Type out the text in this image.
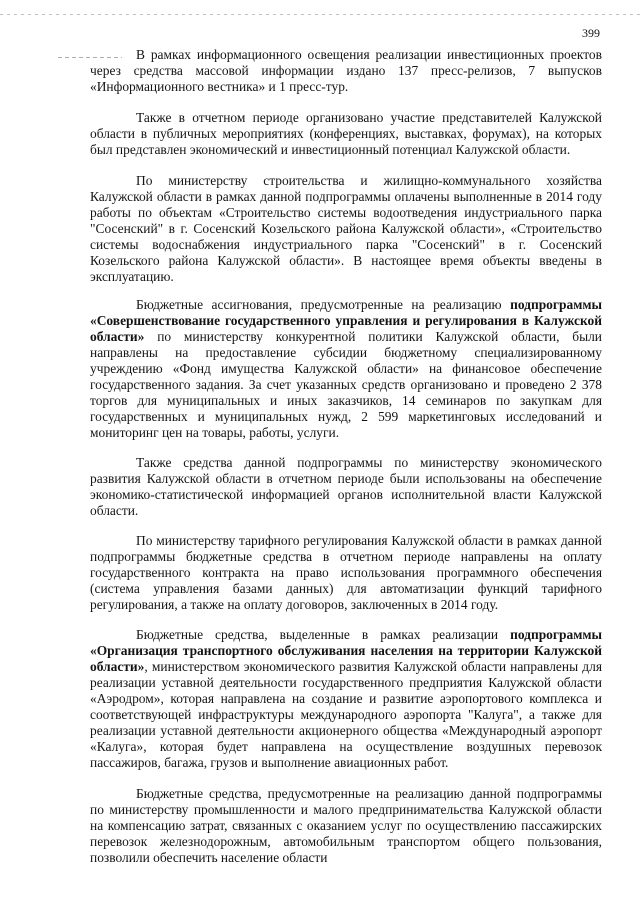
399

В рамках информационного освещения реализации инвестиционных проектов через средства массовой информации издано 137 пресс-релизов, 7 выпусков «Информационного вестника» и 1 пресс-тур.

Также в отчетном периоде организовано участие представителей Калужской области в публичных мероприятиях (конференциях, выставках, форумах), на которых был представлен экономический и инвестиционный потенциал Калужской области.

По министерству строительства и жилищно-коммунального хозяйства Калужской области в рамках данной подпрограммы оплачены выполненные в 2014 году работы по объектам «Строительство системы водоотведения индустриального парка "Сосенский" в г. Сосенский Козельского района Калужской области», «Строительство системы водоснабжения индустриального парка "Сосенский" в г. Сосенский Козельского района Калужской области». В настоящее время объекты введены в эксплуатацию.

Бюджетные ассигнования, предусмотренные на реализацию подпрограммы «Совершенствование государственного управления и регулирования в Калужской области» по министерству конкурентной политики Калужской области, были направлены на предоставление субсидии бюджетному специализированному учреждению «Фонд имущества Калужской области» на финансовое обеспечение государственного задания. За счет указанных средств организовано и проведено 2 378 торгов для муниципальных и иных заказчиков, 14 семинаров по закупкам для государственных и муниципальных нужд, 2 599 маркетинговых исследований и мониторинг цен на товары, работы, услуги.

Также средства данной подпрограммы по министерству экономического развития Калужской области в отчетном периоде были использованы на обеспечение экономико-статистической информацией органов исполнительной власти Калужской области.

По министерству тарифного регулирования Калужской области в рамках данной подпрограммы бюджетные средства в отчетном периоде направлены на оплату государственного контракта на право использования программного обеспечения (система управления базами данных) для автоматизации функций тарифного регулирования, а также на оплату договоров, заключенных в 2014 году.

Бюджетные средства, выделенные в рамках реализации подпрограммы «Организация транспортного обслуживания населения на территории Калужской области», министерством экономического развития Калужской области направлены для реализации уставной деятельности государственного предприятия Калужской области «Аэродром», которая направлена на создание и развитие аэропортового комплекса и соответствующей инфраструктуры международного аэропорта "Калуга", а также для реализации уставной деятельности акционерного общества «Международный аэропорт «Калуга», которая будет направлена на осуществление воздушных перевозок пассажиров, багажа, грузов и выполнение авиационных работ.

Бюджетные средства, предусмотренные на реализацию данной подпрограммы по министерству промышленности и малого предпринимательства Калужской области на компенсацию затрат, связанных с оказанием услуг по осуществлению пассажирских перевозок железнодорожным, автомобильным транспортом общего пользования, позволили обеспечить население области
